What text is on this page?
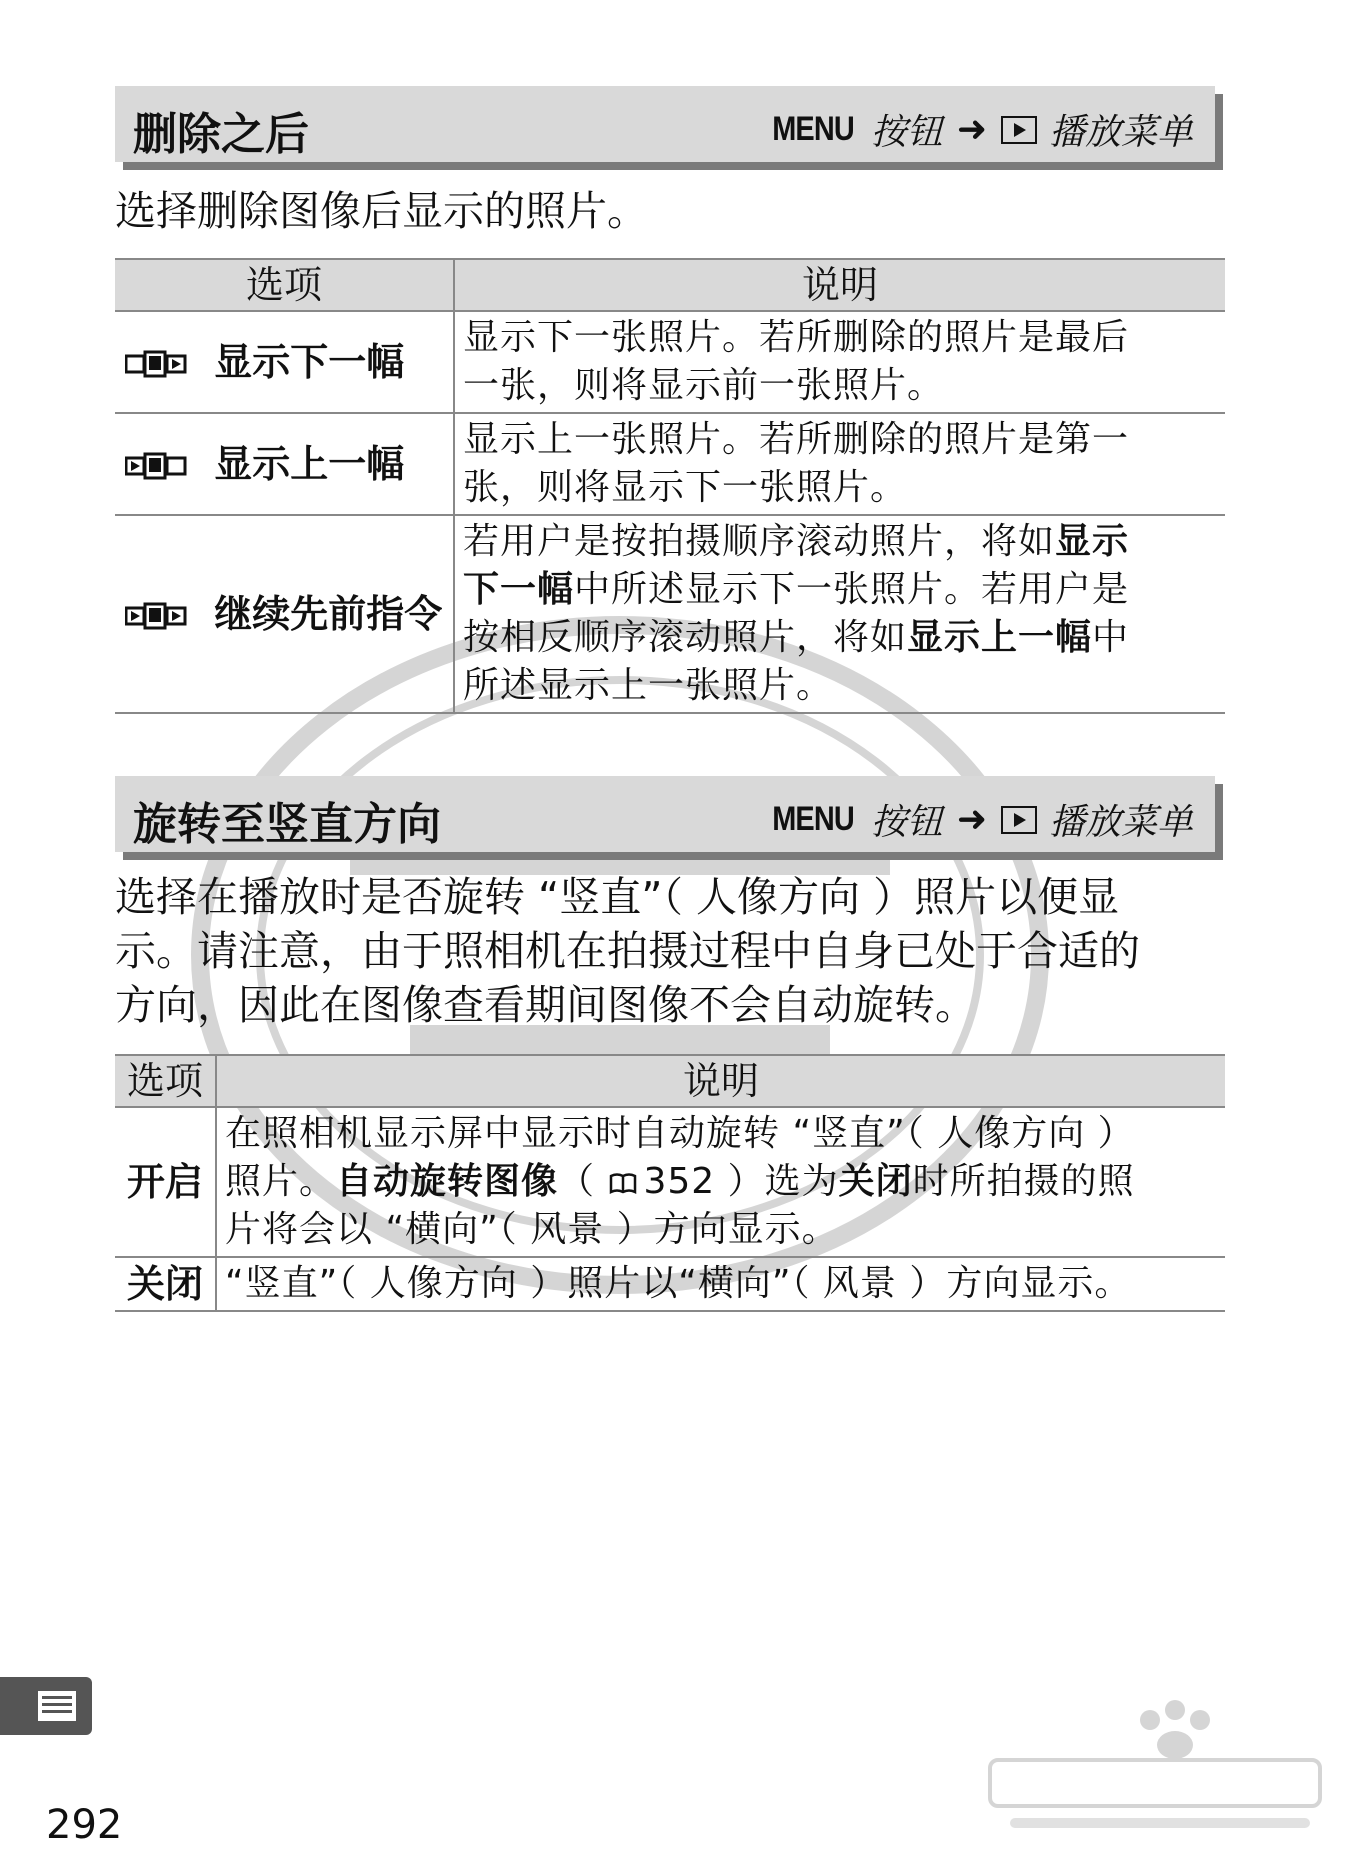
删除之后	MENU 按钮 ➜ 播放菜单
选择删除图像后显示的照片。
选项	说明
显示下一幅	显示下一张照片。若所删除的照片是最后
一张，则将显示前一张照片。

显示上一幅	显示上一张照片。若所删除的照片是第一
张，则将显示下一张照片。

继续先前指令	若用户是按拍摄顺序滚动照片，将如显示
下一幅中所述显示下一张照片。若用户是
按相反顺序滚动照片，将如显示上一幅中
所述显示上一张照片。
旋转至竖直方向	MENU 按钮 ➜ 播放菜单
选择在播放时是否旋转 “竖直”（ 人像方向 ）照片以便显
示。请注意，由于照相机在拍摄过程中自身已处于合适的
方向，因此在图像查看期间图像不会自动旋转。
选项	说明
开启	在照相机显示屏中显示时自动旋转 “竖直”（ 人像方向 ）
照片。自动旋转图像（ 352 ）选为关闭时所拍摄的照
片将会以 “横向”（ 风景 ）方向显示。

关闭	“竖直”（ 人像方向 ）照片以“横向”（ 风景 ）方向显示。
292
